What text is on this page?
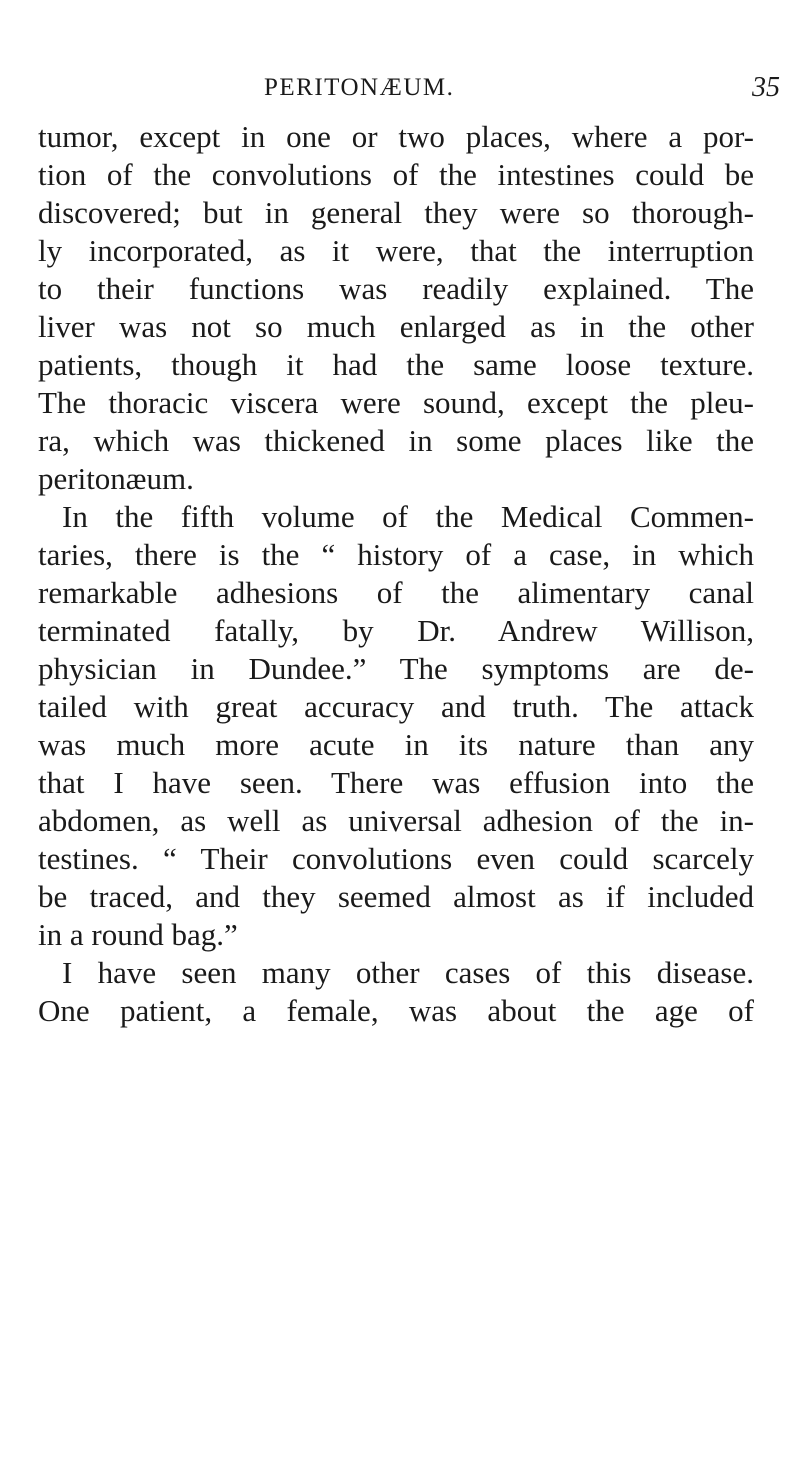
PERITONÆUM.	35
tumor, except in one or two places, where a por-
tion of the convolutions of the intestines could be
discovered; but in general they were so thorough-
ly incorporated, as it were, that the interruption
to their functions was readily explained. The
liver was not so much enlarged as in the other
patients, though it had the same loose texture.
The thoracic viscera were sound, except the pleu-
ra, which was thickened in some places like the
peritonæum.
In the fifth volume of the Medical Commen-
taries, there is the “ history of a case, in which
remarkable adhesions of the alimentary canal
terminated fatally, by Dr. Andrew Willison,
physician in Dundee.” The symptoms are de-
tailed with great accuracy and truth. The attack
was much more acute in its nature than any
that I have seen. There was effusion into the
abdomen, as well as universal adhesion of the in-
testines. “ Their convolutions even could scarcely
be traced, and they seemed almost as if included
in a round bag.”
I have seen many other cases of this disease.
One patient, a female, was about the age of
